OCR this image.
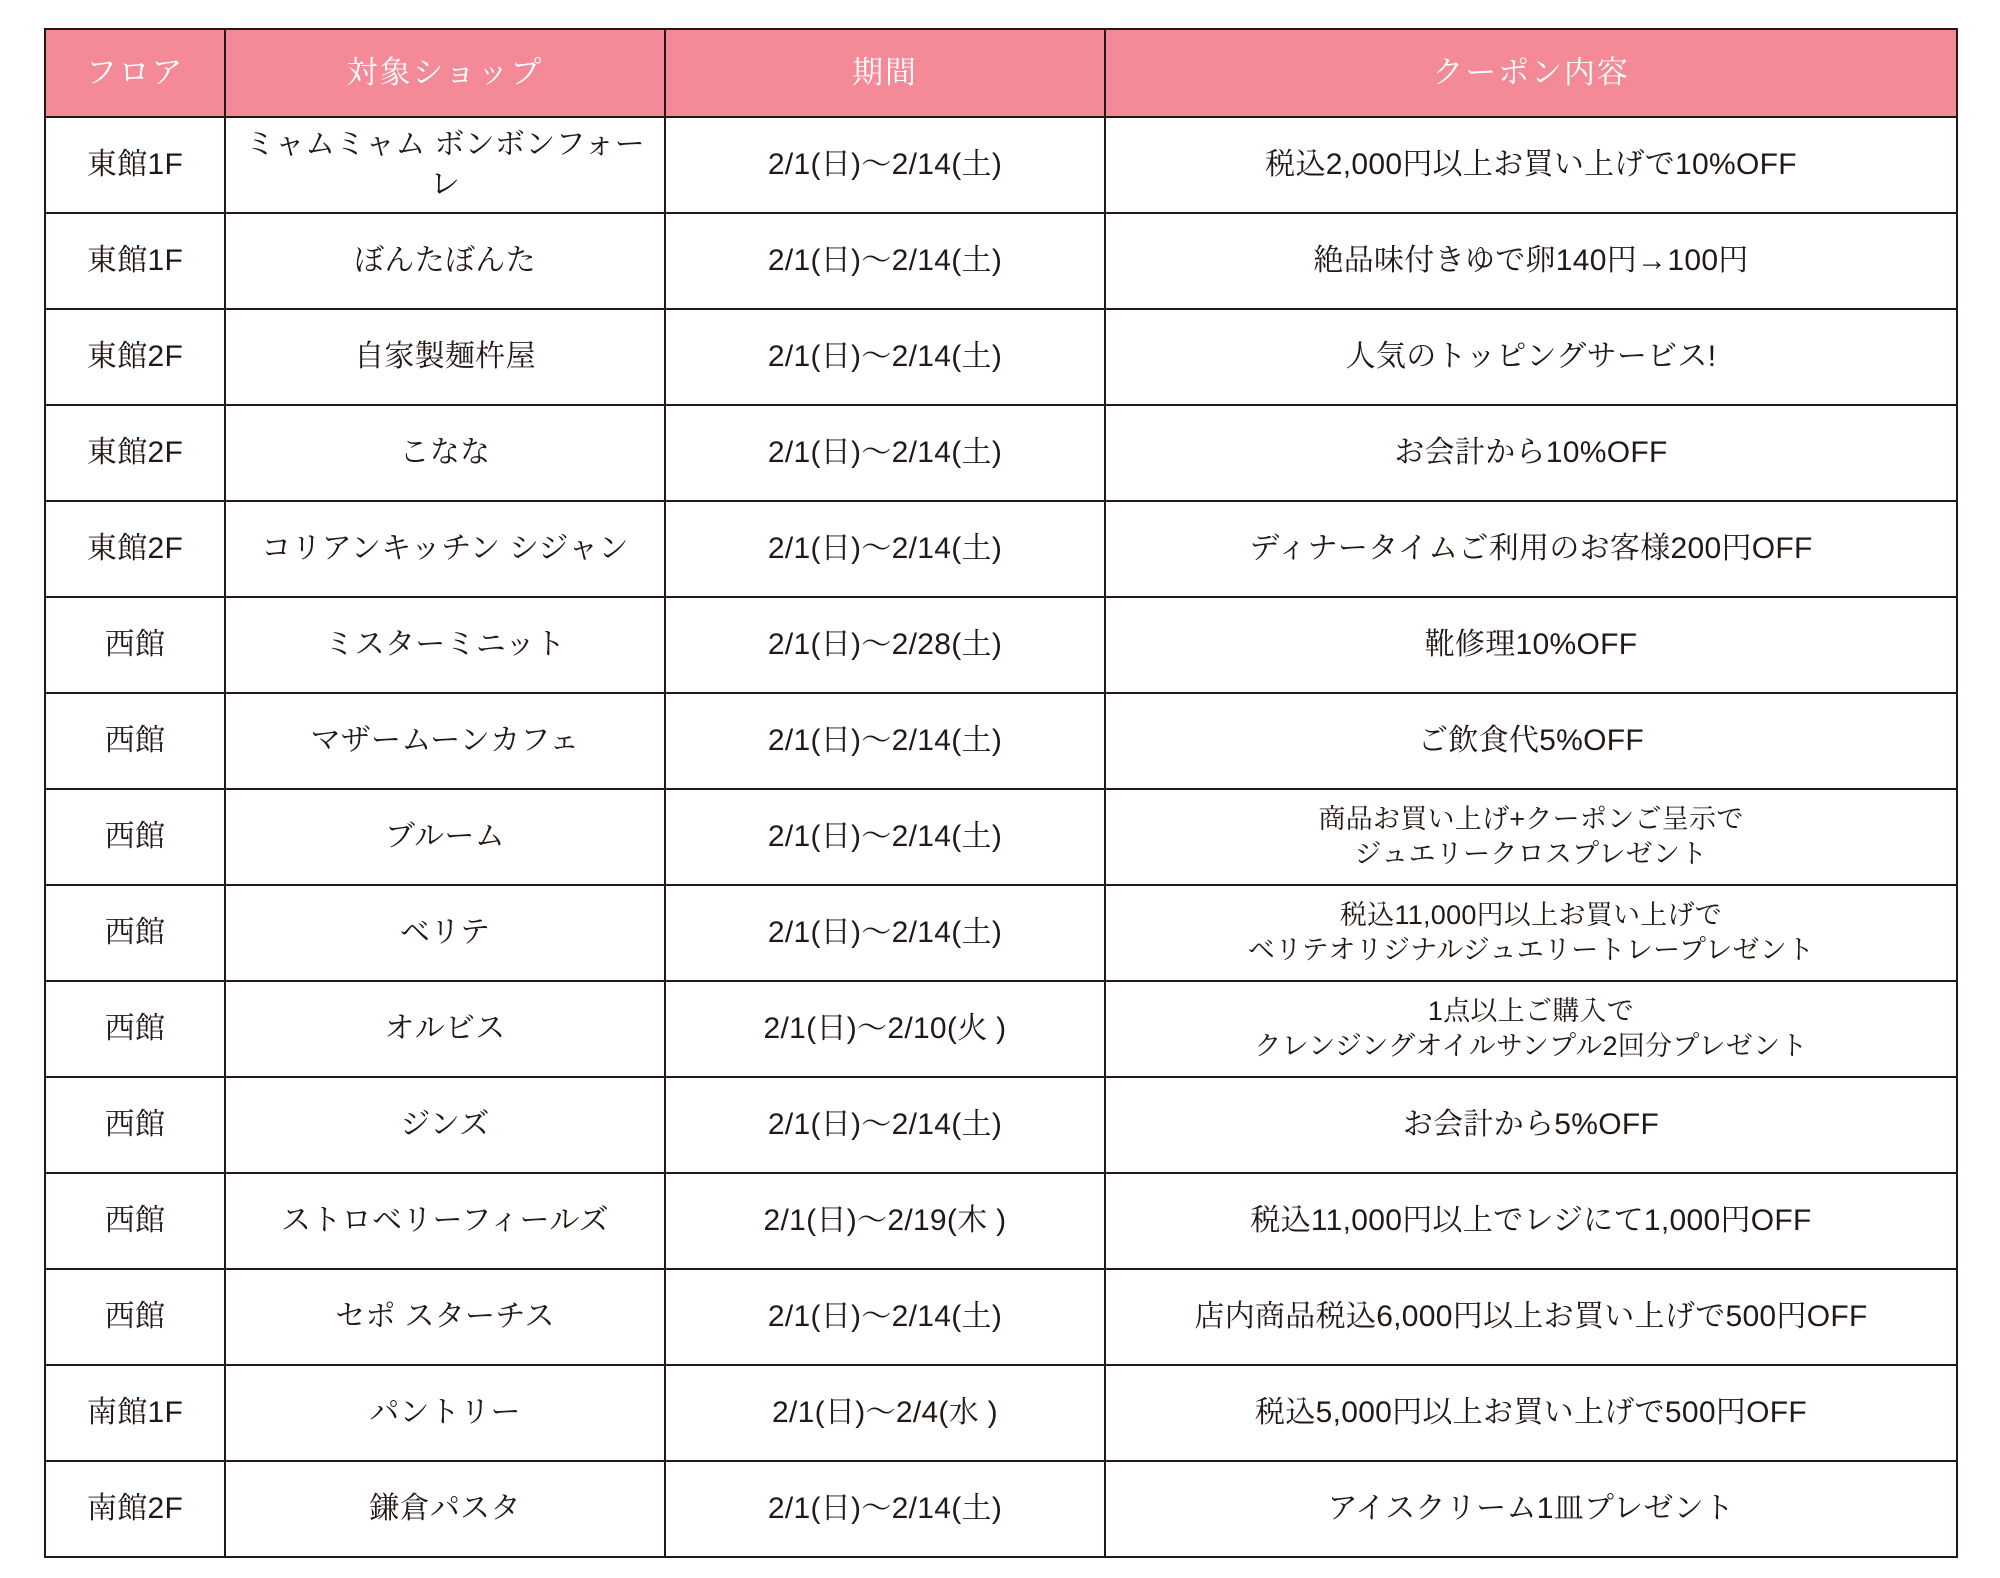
フロア	対象ショップ	期間	クーポン内容
東館1F	ミャムミャム ボンボンフォーレ	2/1(日)～2/14(土)	税込2,000円以上お買い上げで10%OFF

東館1F	ぼんたぼんた	2/1(日)～2/14(土)	絶品味付きゆで卵140円→100円

東館2F	自家製麺杵屋	2/1(日)～2/14(土)	人気のトッピングサービス!

東館2F	こなな	2/1(日)～2/14(土)	お会計から10%OFF

東館2F	コリアンキッチン シジャン	2/1(日)～2/14(土)	ディナータイムご利用のお客様200円OFF

西館	ミスターミニット	2/1(日)～2/28(土)	靴修理10%OFF

西館	マザームーンカフェ	2/1(日)～2/14(土)	ご飲食代5%OFF

西館	ブルーム	2/1(日)～2/14(土)	商品お買い上げ+クーポンご呈示で
ジュエリークロスプレゼント

西館	ベリテ	2/1(日)～2/14(土)	税込11,000円以上お買い上げで
ベリテオリジナルジュエリートレープレゼント

西館	オルビス	2/1(日)～2/10(火 )	1点以上ご購入で
クレンジングオイルサンプル2回分プレゼント

西館	ジンズ	2/1(日)～2/14(土)	お会計から5%OFF

西館	ストロベリーフィールズ	2/1(日)～2/19(木 )	税込11,000円以上でレジにて1,000円OFF

西館	セポ スターチス	2/1(日)～2/14(土)	店内商品税込6,000円以上お買い上げで500円OFF

南館1F	パントリー	2/1(日)～2/4(水 )	税込5,000円以上お買い上げで500円OFF

南館2F	鎌倉パスタ	2/1(日)～2/14(土)	アイスクリーム1皿プレゼント
